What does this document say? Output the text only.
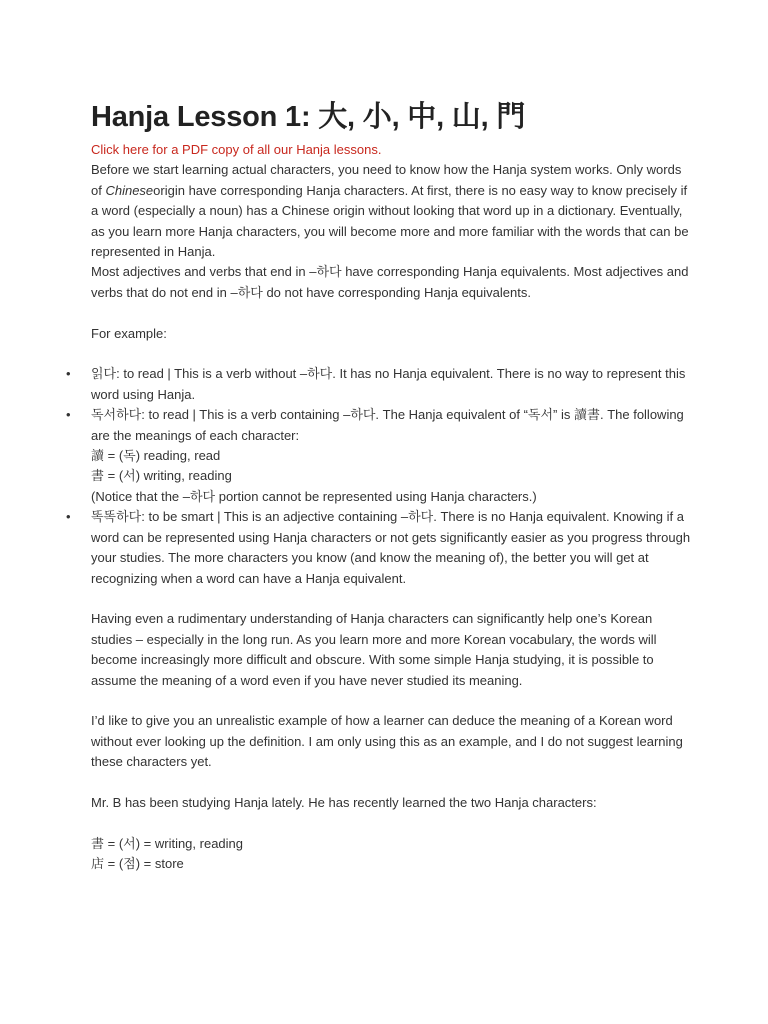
Hanja Lesson 1: 大, 小, 中, 山, 門
Click here for a PDF copy of all our Hanja lessons.

Before we start learning actual characters, you need to know how the Hanja system works. Only words of Chineseorigin have corresponding Hanja characters. At first, there is no easy way to know precisely if a word (especially a noun) has a Chinese origin without looking that word up in a dictionary. Eventually, as you learn more Hanja characters, you will become more and more familiar with the words that can be represented in Hanja.

Most adjectives and verbs that end in –하다 have corresponding Hanja equivalents. Most adjectives and verbs that do not end in –하다 do not have corresponding Hanja equivalents.

For example:

• 읽다: to read | This is a verb without –하다. It has no Hanja equivalent. There is no way to represent this word using Hanja.

• 독서하다: to read | This is a verb containing –하다. The Hanja equivalent of “독서” is 讀書. The following are the meanings of each character:

讀 = (독) reading, read

書 = (서) writing, reading

(Notice that the –하다 portion cannot be represented using Hanja characters.)

• 똑똑하다: to be smart | This is an adjective containing –하다. There is no Hanja equivalent. Knowing if a word can be represented using Hanja characters or not gets significantly easier as you progress through your studies. The more characters you know (and know the meaning of), the better you will get at recognizing when a word can have a Hanja equivalent.

Having even a rudimentary understanding of Hanja characters can significantly help one’s Korean studies – especially in the long run. As you learn more and more Korean vocabulary, the words will become increasingly more difficult and obscure. With some simple Hanja studying, it is possible to assume the meaning of a word even if you have never studied its meaning.

I’d like to give you an unrealistic example of how a learner can deduce the meaning of a Korean word without ever looking up the definition. I am only using this as an example, and I do not suggest learning these characters yet.

Mr. B has been studying Hanja lately. He has recently learned the two Hanja characters:

書 = (서) = writing, reading

店 = (점) = store
